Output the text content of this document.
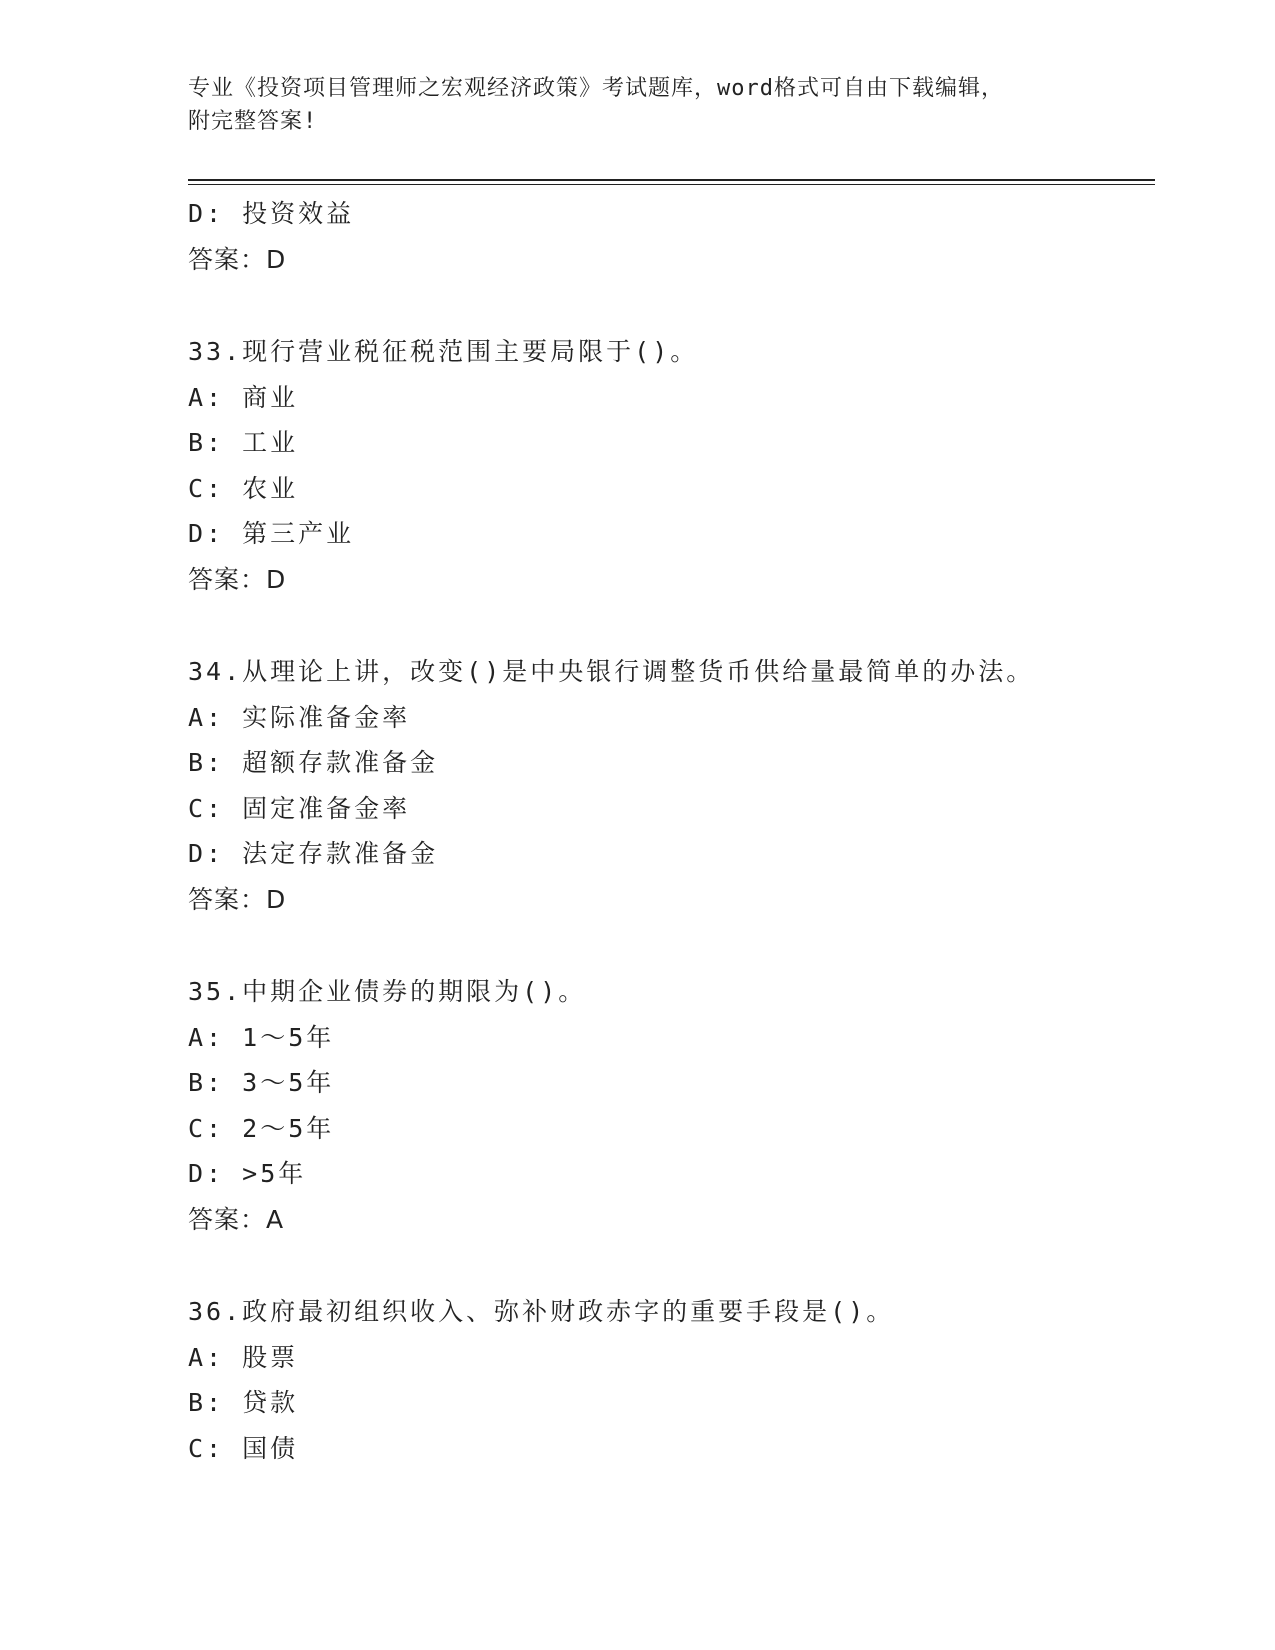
专业《投资项目管理师之宏观经济政策》考试题库，word格式可自由下载编辑，
附完整答案!
D: 投资效益
答案：D
33.现行营业税征税范围主要局限于()。
A: 商业
B: 工业
C: 农业
D: 第三产业
答案：D
34.从理论上讲，改变()是中央银行调整货币供给量最简单的办法。
A: 实际准备金率
B: 超额存款准备金
C: 固定准备金率
D: 法定存款准备金
答案：D
35.中期企业债券的期限为()。
A: 1～5年
B: 3～5年
C: 2～5年
D: >5年
答案：A
36.政府最初组织收入、弥补财政赤字的重要手段是()。
A: 股票
B: 贷款
C: 国债
